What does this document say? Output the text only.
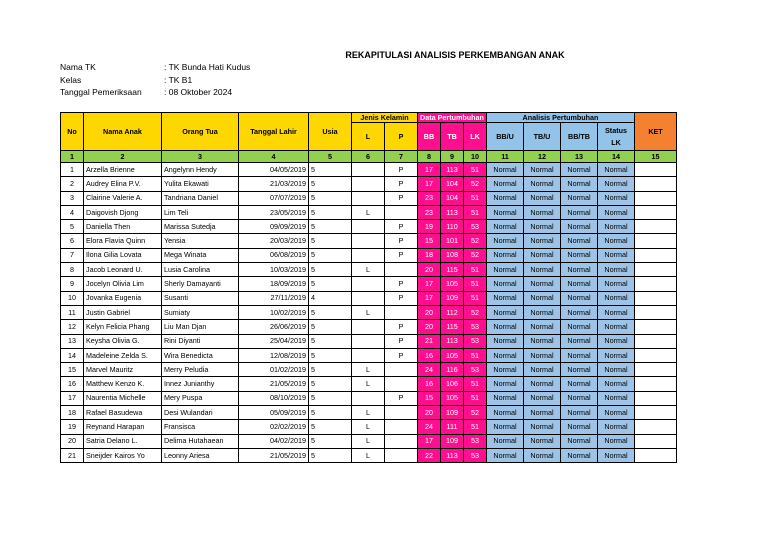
REKAPITULASI ANALISIS PERKEMBANGAN ANAK
Nama TK	: TK Bunda Hati Kudus
Kelas	: TK B1
Tanggal Pemeriksaan	: 08 Oktober 2024
No	Nama Anak	Orang Tua	Tanggal Lahir	Usia	Jenis Kelamin		Data Pertumbuhan			Analisis Pertumbuhan				KET
					L	P	BB	TB	LK	BB/U	TB/U	BB/TB	Status LK	
1	2	3	4	5	6	7	8	9	10	11	12	13	14	15
1	Arzella Brienne	Angelynn Hendy	04/05/2019	5		P	17	113	51	Normal	Normal	Normal	Normal	
2	Audrey Elina P.V.	Yulita Ekawati	21/03/2019	5		P	17	104	52	Normal	Normal	Normal	Normal	
3	Clairine Valerie A.	Tandriana Daniel	07/07/2019	5		P	23	104	51	Normal	Normal	Normal	Normal	
4	Daigovish Djong	Lim Teli	23/05/2019	5	L		23	113	51	Normal	Normal	Normal	Normal	
5	Daniella Then	Marissa Sutedja	09/09/2019	5		P	19	110	53	Normal	Normal	Normal	Normal	
6	Elora Flavia Quinn	Yensia	20/03/2019	5		P	15	101	52	Normal	Normal	Normal	Normal	
7	Ilona Gilia Lovata	Mega Winata	06/08/2019	5		P	18	108	52	Normal	Normal	Normal	Normal	
8	Jacob Leonard U.	Lusia Carolina	10/03/2019	5	L		20	115	51	Normal	Normal	Normal	Normal	
9	Jocelyn Olivia Lim	Sherly Damayanti	18/09/2019	5		P	17	105	51	Normal	Normal	Normal	Normal	
10	Jovanka Eugenia	Susanti	27/11/2019	4		P	17	109	51	Normal	Normal	Normal	Normal	
11	Justin Gabriel	Sumiaty	10/02/2019	5	L		20	112	52	Normal	Normal	Normal	Normal	
12	Kelyn Felicia Phang	Liu Man Djan	26/06/2019	5		P	20	115	53	Normal	Normal	Normal	Normal	
13	Keysha Olivia G.	Rini Diyanti	25/04/2019	5		P	21	113	53	Normal	Normal	Normal	Normal	
14	Madeleine Zelda S.	Wira Benedicta	12/08/2019	5		P	16	105	51	Normal	Normal	Normal	Normal	
15	Marvel Mauritz	Merry Peludia	01/02/2019	5	L		24	116	53	Normal	Normal	Normal	Normal	
16	Matthew Kenzo K.	Innez Junianthy	21/05/2019	5	L		16	106	51	Normal	Normal	Normal	Normal	
17	Naurentia Michelle	Mery Puspa	08/10/2019	5		P	15	105	51	Normal	Normal	Normal	Normal	
18	Rafael Basudewa	Desi Wulandari	05/09/2019	5	L		20	109	52	Normal	Normal	Normal	Normal	
19	Reynand Harapan	Fransisca	02/02/2019	5	L		24	111	51	Normal	Normal	Normal	Normal	
20	Satria Delano L.	Delima Hutahaean	04/02/2019	5	L		17	109	53	Normal	Normal	Normal	Normal	
21	Sneijder Kairos Yo	Leonny Ariesa	21/05/2019	5	L		22	113	53	Normal	Normal	Normal	Normal	
